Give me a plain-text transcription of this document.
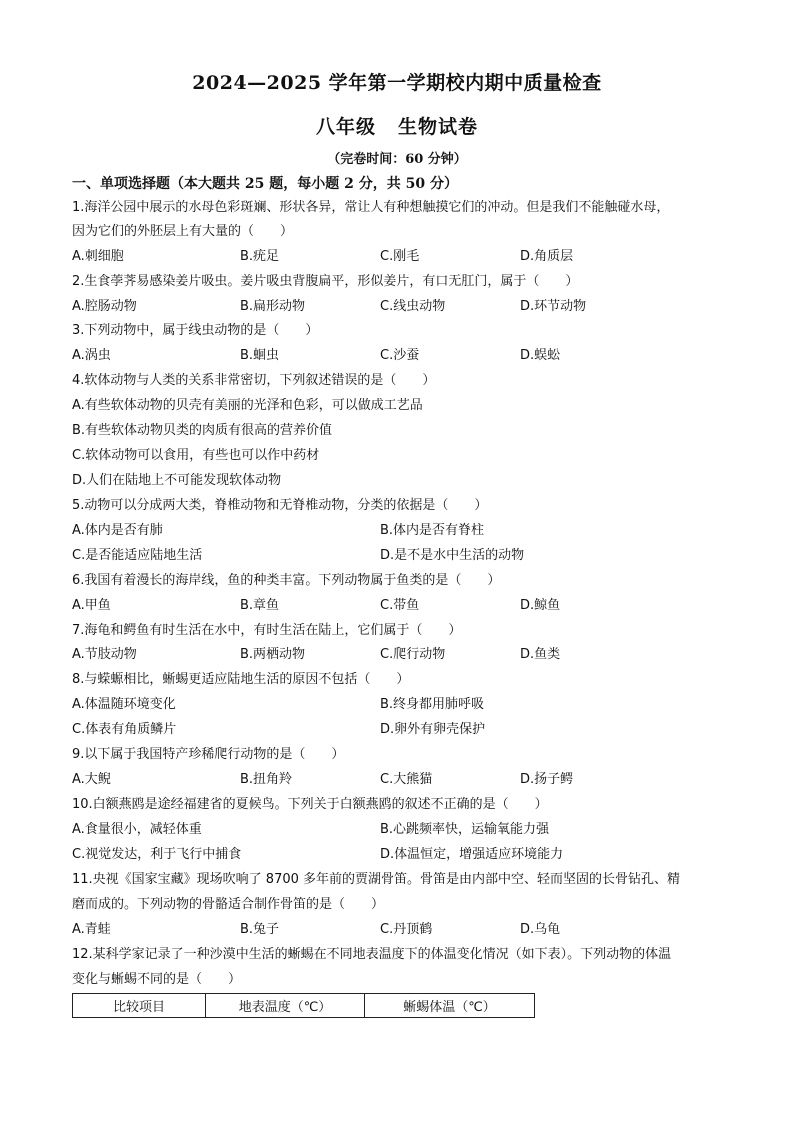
2024—2025 学年第一学期校内期中质量检查
八年级 生物试卷
（完卷时间：60 分钟）
一、单项选择题（本大题共 25 题，每小题 2 分，共 50 分）
1.海洋公园中展示的水母色彩斑斓、形状各异，常让人有种想触摸它们的冲动。但是我们不能触碰水母，
因为它们的外胚层上有大量的（　　）
A.刺细胞	B.疣足	C.刚毛	D.角质层
2.生食荸荠易感染姜片吸虫。姜片吸虫背腹扁平，形似姜片，有口无肛门，属于（　　）
A.腔肠动物	B.扁形动物	C.线虫动物	D.环节动物
3.下列动物中，属于线虫动物的是（　　）
A.涡虫	B.蛔虫	C.沙蚕	D.蜈蚣
4.软体动物与人类的关系非常密切，下列叙述错误的是（　　）
A.有些软体动物的贝壳有美丽的光泽和色彩，可以做成工艺品
B.有些软体动物贝类的肉质有很高的营养价值
C.软体动物可以食用，有些也可以作中药材
D.人们在陆地上不可能发现软体动物
5.动物可以分成两大类，脊椎动物和无脊椎动物，分类的依据是（　　）
A.体内是否有肺	B.体内是否有脊柱
C.是否能适应陆地生活	D.是不是水中生活的动物
6.我国有着漫长的海岸线，鱼的种类丰富。下列动物属于鱼类的是（　　）
A.甲鱼	B.章鱼	C.带鱼	D.鲸鱼
7.海龟和鳄鱼有时生活在水中，有时生活在陆上，它们属于（　　）
A.节肢动物	B.两栖动物	C.爬行动物	D.鱼类
8.与蝾螈相比，蜥蜴更适应陆地生活的原因不包括（　　）
A.体温随环境变化	B.终身都用肺呼吸
C.体表有角质鳞片	D.卵外有卵壳保护
9.以下属于我国特产珍稀爬行动物的是（　　）
A.大鲵	B.扭角羚	C.大熊猫	D.扬子鳄
10.白额燕鸥是途经福建省的夏候鸟。下列关于白额燕鸥的叙述不正确的是（　　）
A.食量很小，减轻体重	B.心跳频率快，运输氧能力强
C.视觉发达，利于飞行中捕食	D.体温恒定，增强适应环境能力
11.央视《国家宝藏》现场吹响了 8700 多年前的贾湖骨笛。骨笛是由内部中空、轻而坚固的长骨钻孔、精
磨而成的。下列动物的骨骼适合制作骨笛的是（　　）
A.青蛙	B.兔子	C.丹顶鹤	D.乌龟
12.某科学家记录了一种沙漠中生活的蜥蜴在不同地表温度下的体温变化情况（如下表）。下列动物的体温
变化与蜥蜴不同的是（　　）
比较项目	地表温度（℃）	蜥蜴体温（℃）
